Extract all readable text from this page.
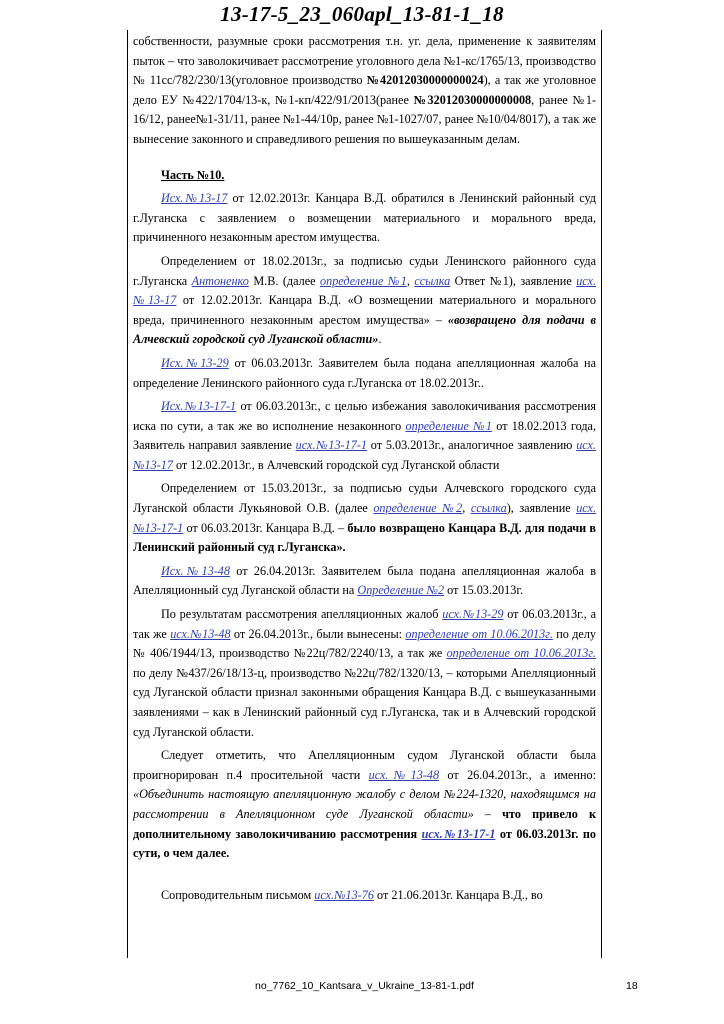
13-17-5_23_060apl_13-81-1_18

собственности, разумные сроки рассмотрения т.н. уг. дела, применение к заявителям пыток – что заволокичивает рассмотрение уголовного дела №1-кс/1765/13, производство № 11сс/782/230/13(уголовное производство №42012030000000024), а так же уголовное дело ЕУ №422/1704/13-к, №1-кп/422/91/2013(ранее №32012030000000008, ранее №1-16/12, ранее№1-31/11, ранее №1-44/10р, ранее №1-1027/07, ранее №10/04/8017), а так же вынесение законного и справедливого решения по вышеуказанным делам.

Часть №10.

Исх.№13-17 от 12.02.2013г. Канцара В.Д. обратился в Ленинский районный суд г.Луганска с заявлением о возмещении материального и морального вреда, причиненного незаконным арестом имущества.

Определением от 18.02.2013г., за подписью судьи Ленинского районного суда г.Луганска Антоненко М.В. (далее определение №1, ссылка Ответ №1), заявление исх.№13-17 от 12.02.2013г. Канцара В.Д. «О возмещении материального и морального вреда, причиненного незаконным арестом имущества» – «возвращено для подачи в Алчевский городской суд Луганской области».

Исх.№13-29 от 06.03.2013г. Заявителем была подана апелляционная жалоба на определение Ленинского районного суда г.Луганска от 18.02.2013г..

Исх.№13-17-1 от 06.03.2013г., с целью избежания заволокичивания рассмотрения иска по сути, а так же во исполнение незаконного определение №1 от 18.02.2013 года, Заявитель направил заявление исх.№13-17-1 от 5.03.2013г., аналогичное заявлению исх.№13-17 от 12.02.2013г., в Алчевский городской суд Луганской области

Определением от 15.03.2013г., за подписью судьи Алчевского городского суда Луганской области Лукьяновой О.В. (далее определение №2, ссылка), заявление исх.№13-17-1 от 06.03.2013г. Канцара В.Д. – было возвращено Канцара В.Д. для подачи в Ленинский районный суд г.Луганска».

Исх.№13-48 от 26.04.2013г. Заявителем была подана апелляционная жалоба в Апелляционный суд Луганской области на Определение №2 от 15.03.2013г.

По результатам рассмотрения апелляционных жалоб исх.№13-29 от 06.03.2013г., а так же исх.№13-48 от 26.04.2013г., были вынесены: определение от 10.06.2013г. по делу № 406/1944/13, производство №22ц/782/2240/13, а так же определение от 10.06.2013г. по делу №437/26/18/13-ц, производство №22ц/782/1320/13, – которыми Апелляционный суд Луганской области признал законными обращения Канцара В.Д. с вышеуказанными заявлениями – как в Ленинский районный суд г.Луганска, так и в Алчевский городской суд Луганской области.

Следует отметить, что Апелляционным судом Луганской области была проигнорирован п.4 просительной части исх.№13-48 от 26.04.2013г., а именно: «Объединить настоящую апелляционную жалобу с делом №224-1320, находящимся на рассмотрении в Апелляционном суде Луганской области» – что привело к дополнительному заволокичиванию рассмотрения исх.№13-17-1 от 06.03.2013г. по сути, о чем далее.

Сопроводительным письмом исх.№13-76 от 21.06.2013г. Канцара В.Д., во

no_7762_10_Kantsara_v_Ukraine_13-81-1.pdf	18
